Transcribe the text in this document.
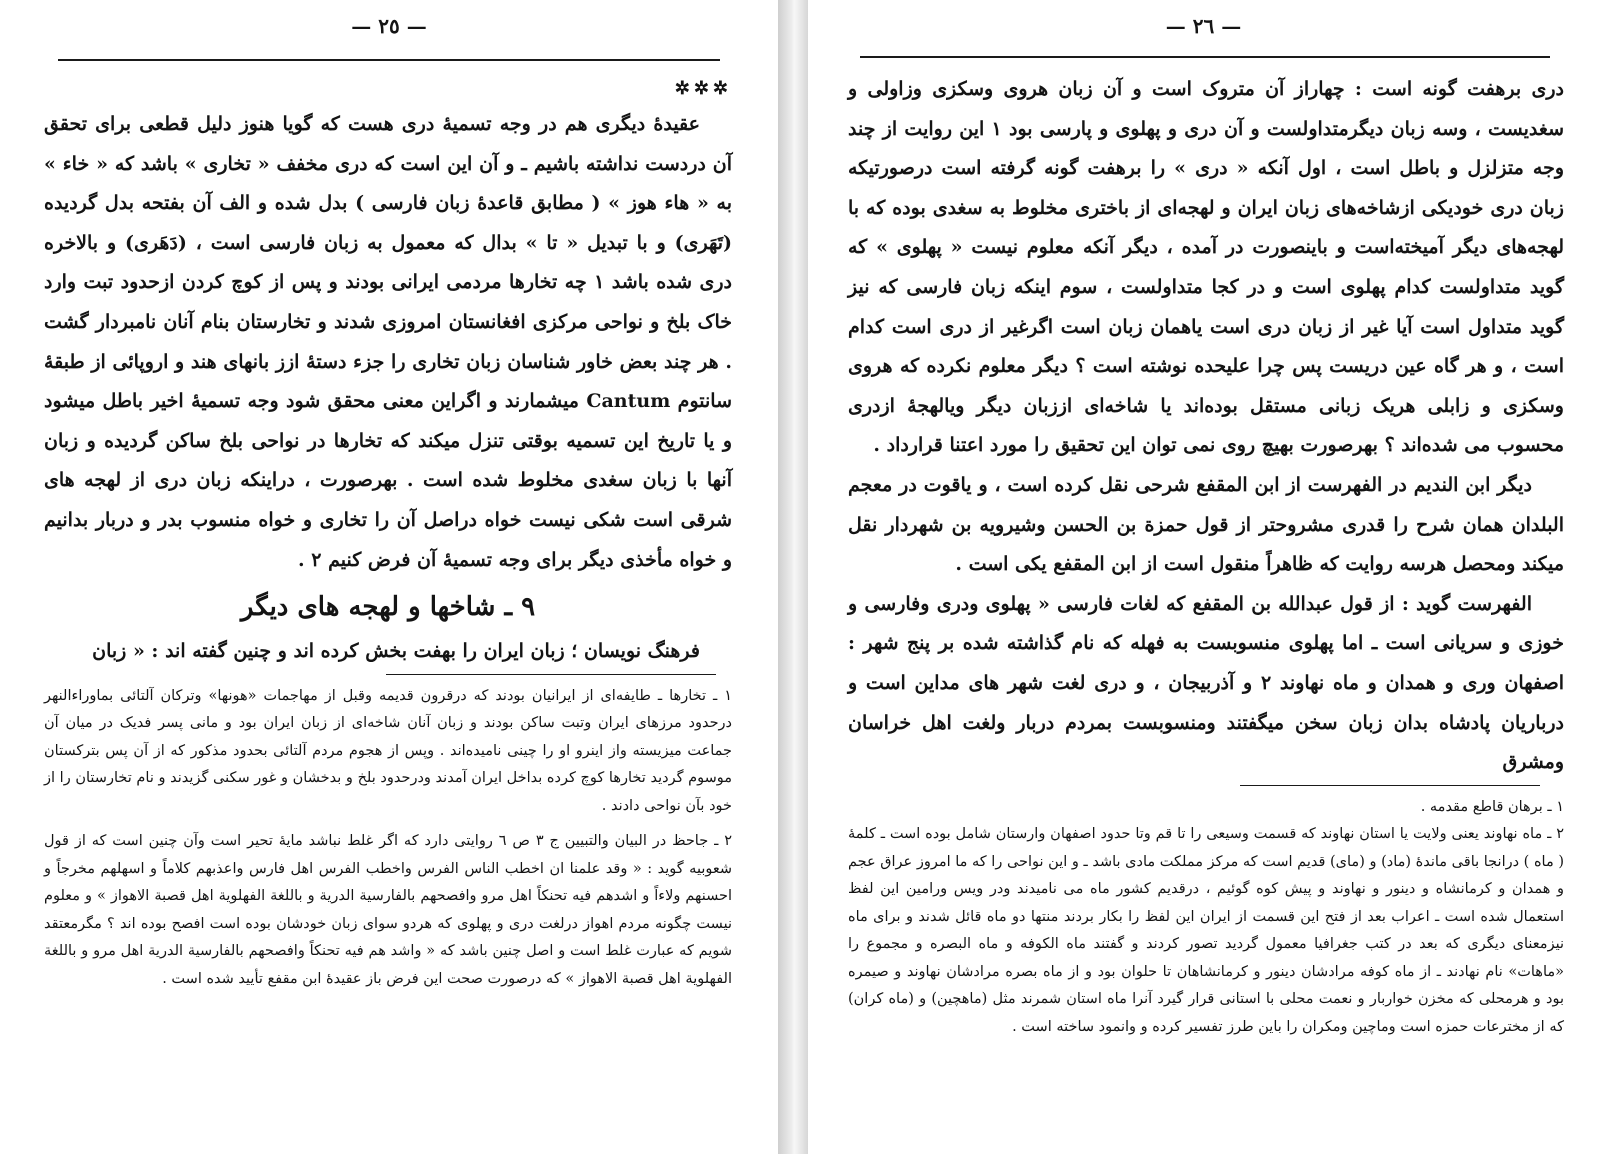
— ٢٥ —
✲✲✲

عقیدهٔ دیگری هم در وجه تسمیهٔ دری هست که گویا هنوز دلیل قطعی برای تحقق آن دردست نداشته باشیم ـ و آن این است که دری مخفف « تخاری » باشد که « خاء » به « هاء هوز » ( مطابق قاعدهٔ زبان فارسی ) بدل شده و الف آن بفتحه بدل گردیده (تَهَری) و با تبدیل « تا » بدال که معمول به زبان فارسی است ، (دَهَری) و بالاخره دری شده باشد ١ چه تخارها مردمی ایرانی بودند و پس از کوچ کردن ازحدود تبت وارد خاک بلخ و نواحی مرکزی افغانستان امروزی شدند و تخارستان بنام آنان نامبردار گشت . هر چند بعض خاور شناسان زبان تخاری را جزء دستهٔ ازز بانهای هند و اروپائی از طبقهٔ سانتوم Cantum میشمارند و اگراین معنی محقق شود وجه تسمیهٔ اخیر باطل میشود و یا تاریخ این تسمیه بوقتی تنزل میکند که تخارها در نواحی بلخ ساکن گردیده و زبان آنها با زبان سغدی مخلوط شده است . بهرصورت ، دراینکه زبان دری از لهجه های شرقی است شکی نیست خواه دراصل آن را تخاری و خواه منسوب بدر و دربار بدانیم و خواه مأخذی دیگر برای وجه تسمیهٔ آن فرض کنیم ٢ .

٩ ـ شاخها و لهجه های دیگر

فرهنگ نویسان ؛ زبان ایران را بهفت بخش کرده اند و چنین گفته اند : « زبان

١ ـ تخارها ـ طایفه‌ای از ایرانیان بودند که درقرون قدیمه وقبل از مهاجمات «هونها» وترکان آلتائی بماوراءالنهر درحدود مرزهای ایران وتبت ساکن بودند و زبان آنان شاخه‌ای از زبان ایران بود و مانی پسر فدیک در میان آن جماعت میزیسته واز اینرو او را چینی نامیده‌اند . وپس از هجوم مردم آلتائی بحدود مذکور که از آن پس بترکستان موسوم گردید تخارها کوچ کرده بداخل ایران آمدند ودرحدود بلخ و بدخشان و غور سکنی گزیدند و نام تخارستان را از خود بآن نواحی دادند .

٢ ـ جاحظ در البیان والتبیین ج ٣ ص ٦ روایتی دارد که اگر غلط نباشد مایهٔ تحیر است وآن چنین است که از قول شعوبیه گوید : « وقد علمنا ان اخطب الناس الفرس واخطب الفرس اهل فارس واعذبهم کلاماً و اسهلهم مخرجاً و احسنهم ولاءاً و اشدهم فیه تحنکاً اهل مرو وافصحهم بالفارسیة الدریة و باللغة الفهلویة اهل قصبة الاهواز » و معلوم نیست چگونه مردم اهواز درلغت دری و پهلوی که هردو سوای زبان خودشان بوده است افصح بوده اند ؟ مگرمعتقد شویم که عبارت غلط است و اصل چنین باشد که « واشد هم فیه تحنکاً وافصحهم بالفارسیة الدریة اهل مرو و باللغة الفهلویة اهل قصبة الاهواز » که درصورت صحت این فرض باز عقیدهٔ ابن مقفع تأیید شده است .

— ٢٦ —

دری برهفت گونه است : چهاراز آن متروک است و آن زبان هروی وسکزی وزاولی و سغدیست ، وسه زبان دیگرمتداولست و آن دری و پهلوی و پارسی بود ١ این روایت از چند وجه متزلزل و باطل است ، اول آنکه « دری » را برهفت گونه گرفته است درصورتیکه زبان دری خودیکی ازشاخه‌های زبان ایران و لهجه‌ای از باختری مخلوط به سغدی بوده که با لهجه‌های دیگر آمیخته‌است و باینصورت در آمده ، دیگر آنکه معلوم نیست « پهلوی » که گوید متداولست کدام پهلوی است و در کجا متداولست ، سوم اینکه زبان فارسی که نیز گوید متداول است آیا غیر از زبان دری است یاهمان زبان است اگرغیر از دری است کدام است ، و هر گاه عین دریست پس چرا علیحده نوشته است ؟ دیگر معلوم نکرده که هروی وسکزی و زابلی هریک زبانی مستقل بوده‌اند یا شاخه‌ای اززبان دیگر ویالهجهٔ ازدری محسوب می شده‌اند ؟ بهرصورت بهیچ روی نمی توان این تحقیق را مورد اعتنا قرارداد .

دیگر ابن الندیم در الفهرست از ابن المقفع شرحی نقل کرده است ، و یاقوت در معجم البلدان همان شرح را قدری مشروحتر از قول حمزة بن الحسن وشیرویه بن شهردار نقل میکند ومحصل هرسه روایت که ظاهراً منقول است از ابن المقفع یکی است .

الفهرست گوید : از قول عبدالله بن المقفع که لغات فارسی « پهلوی ودری وفارسی و خوزی و سریانی است ـ اما پهلوی منسوبست به فهله که نام گذاشته شده بر پنج شهر : اصفهان وری و همدان و ماه نهاوند ٢ و آذربیجان ، و دری لغت شهر های مداین است و درباریان پادشاه بدان زبان سخن میگفتند ومنسوبست بمردم دربار ولغت اهل خراسان ومشرق

١ ـ برهان قاطع مقدمه .

٢ ـ ماه نهاوند یعنی ولایت یا استان نهاوند که قسمت وسیعی را تا قم وتا حدود اصفهان وارستان شامل بوده است ـ کلمهٔ ( ماه ) درانجا باقی ماندهٔ (ماد) و (مای) قدیم است که مرکز مملکت مادی باشد ـ و این نواحی را که ما امروز عراق عجم و همدان و کرمانشاه و دینور و نهاوند و پیش کوه گوئیم ، درقدیم کشور ماه می نامیدند ودر ویس ورامین این لفظ استعمال شده است ـ اعراب بعد از فتح این قسمت از ایران این لفظ را بکار بردند منتها دو ماه قائل شدند و برای ماه نیزمعنای دیگری که بعد در کتب جغرافیا معمول گردید تصور کردند و گفتند ماه الکوفه و ماه البصره و مجموع را «ماهات» نام نهادند ـ از ماه کوفه مرادشان دینور و کرمانشاهان تا حلوان بود و از ماه بصره مرادشان نهاوند و صیمره بود و هرمحلی که مخزن خواربار و نعمت محلی با استانی قرار گیرد آنرا ماه استان شمرند مثل (ماهچین) و (ماه کران) که از مخترعات حمزه است وماچین ومکران را باین طرز تفسیر کرده و وانمود ساخته است .
